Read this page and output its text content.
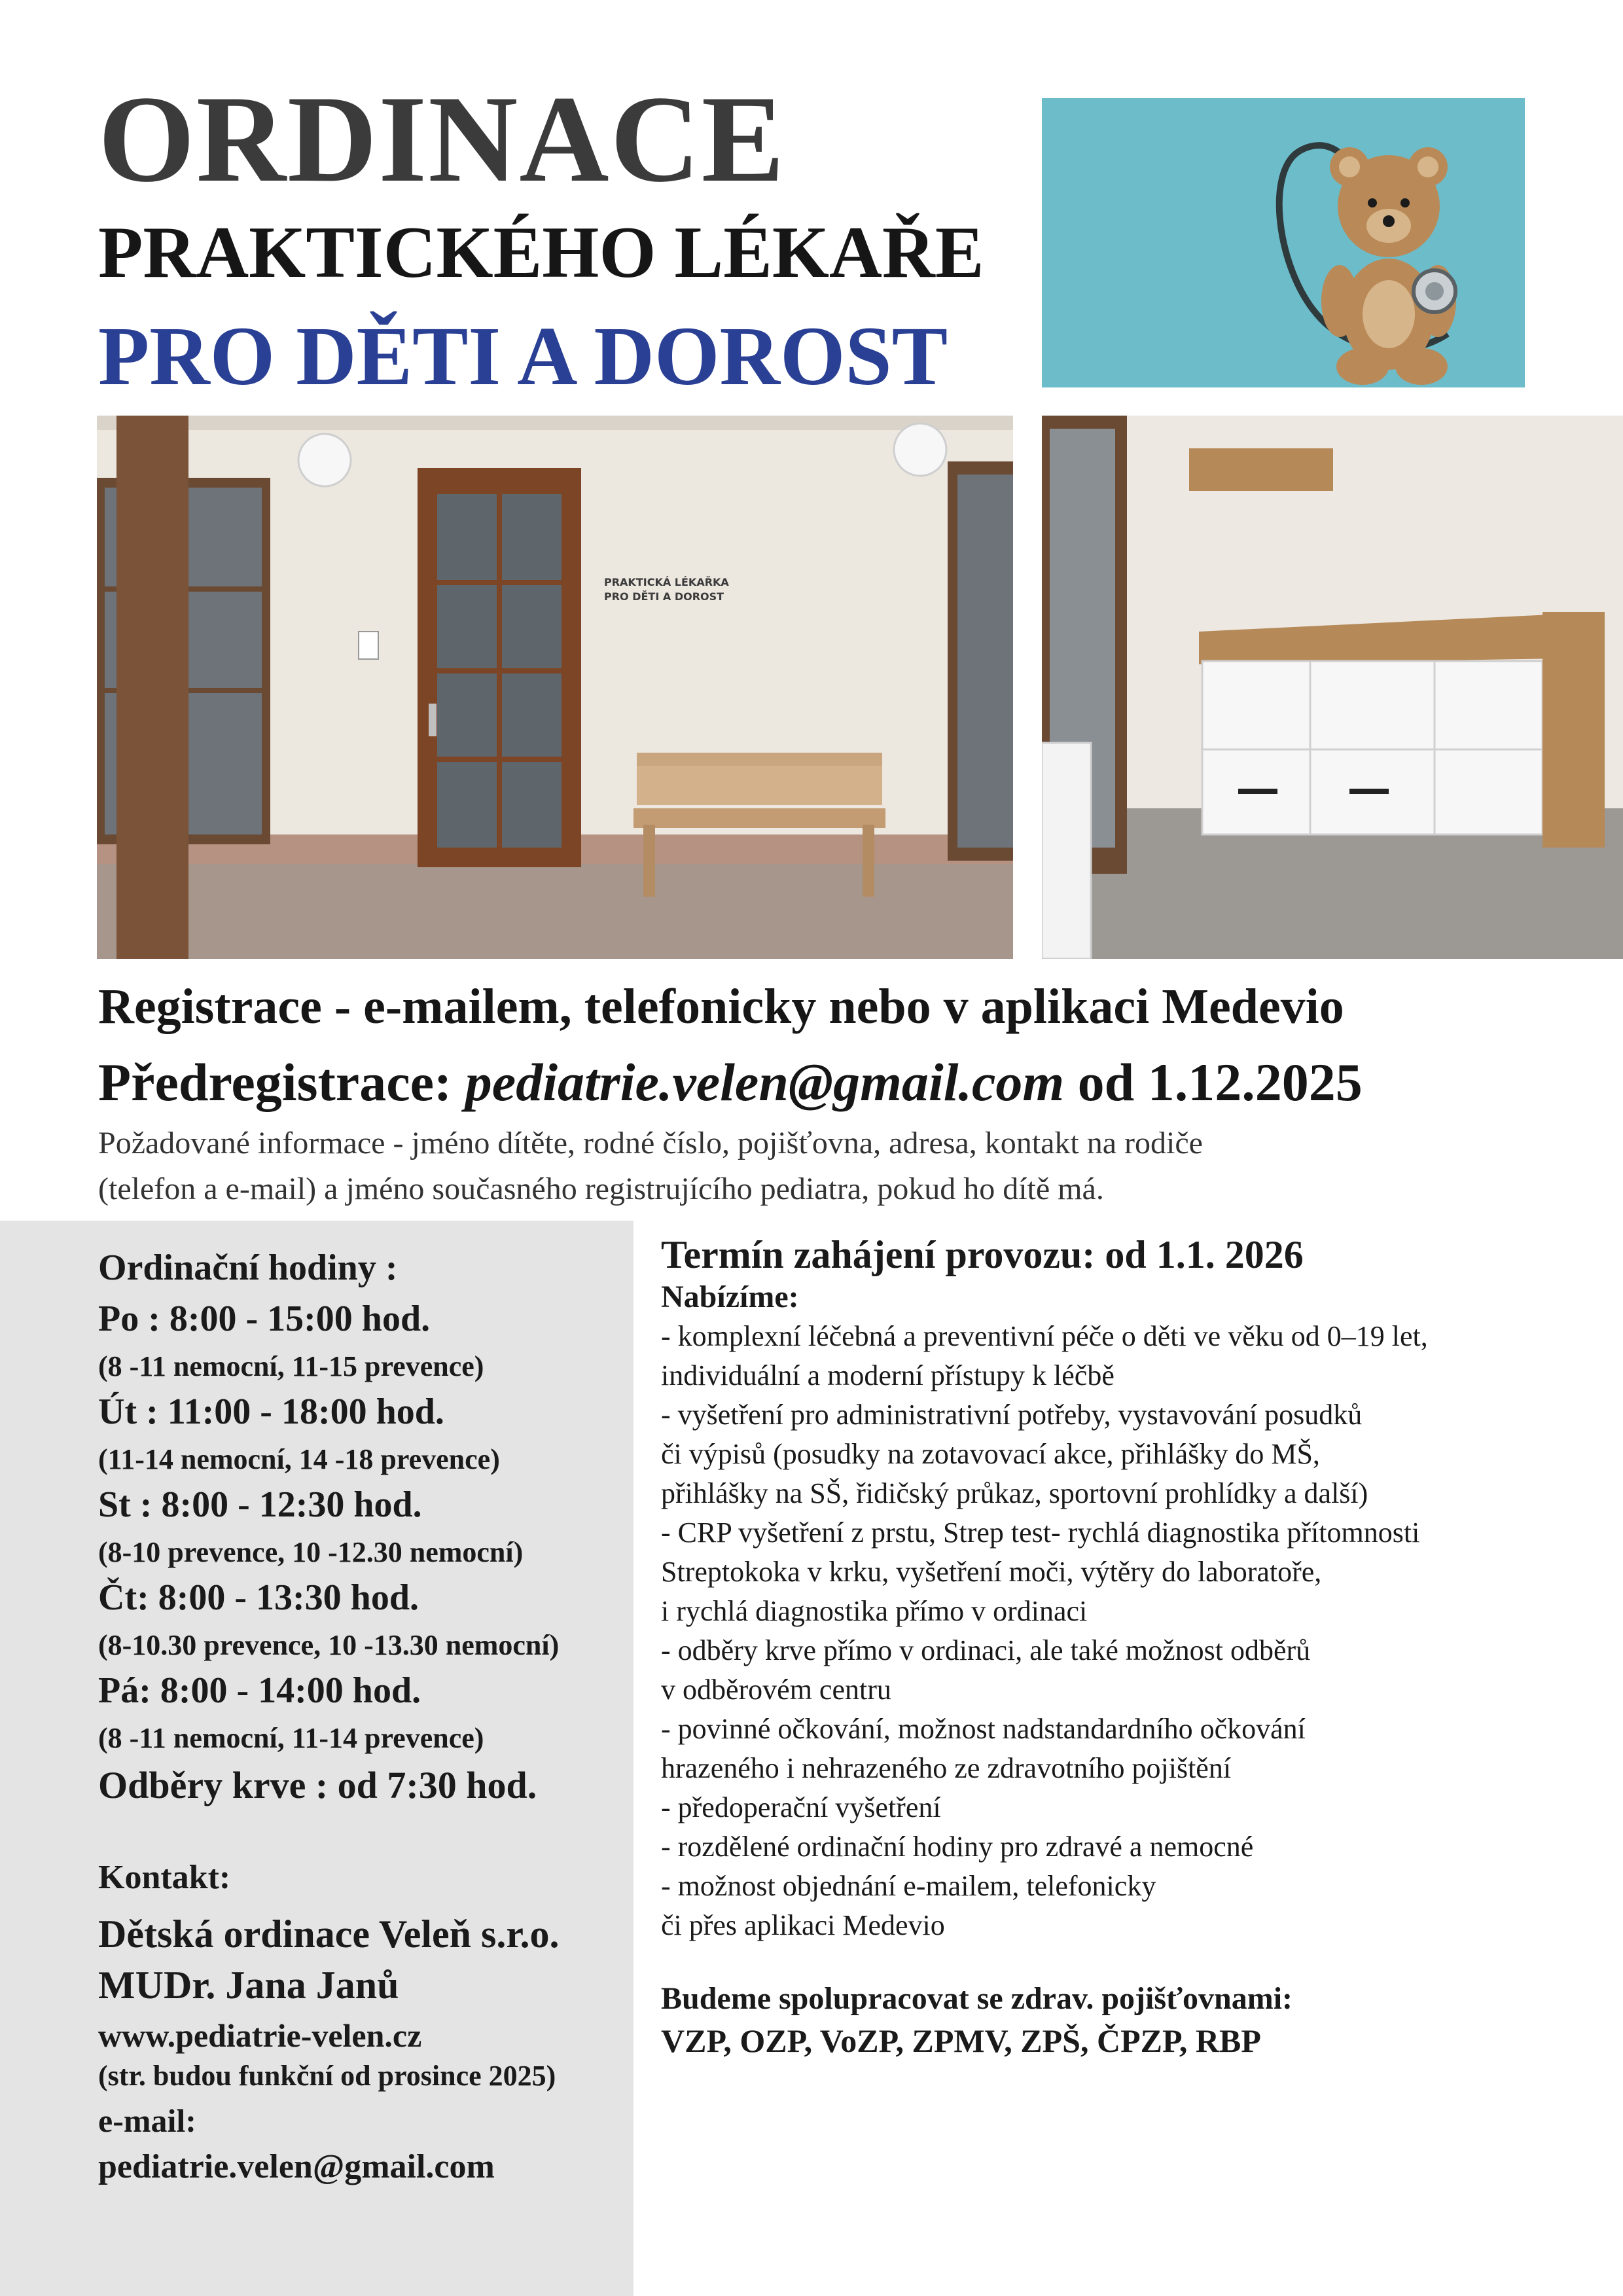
ORDINACE
PRAKTICKÉHO LÉKAŘE
PRO DĚTI A DOROST
PRAKTICKÁ LÉKAŘKA
PRO DĚTI A DOROST
Registrace - e-mailem, telefonicky nebo v aplikaci Medevio
Předregistrace: pediatrie.velen@gmail.com od 1.12.2025
Požadované informace - jméno dítěte, rodné číslo, pojišťovna, adresa, kontakt na rodiče
(telefon a e-mail) a jméno současného registrujícího pediatra, pokud ho dítě má.
Ordinační hodiny :
Po : 8:00 - 15:00 hod.
(8 -11 nemocní, 11-15 prevence)
Út : 11:00 - 18:00 hod.
(11-14 nemocní, 14 -18 prevence)
St : 8:00 - 12:30 hod.
(8-10 prevence, 10 -12.30 nemocní)
Čt: 8:00 - 13:30 hod.
(8-10.30 prevence, 10 -13.30 nemocní)
Pá: 8:00 - 14:00 hod.
(8 -11 nemocní, 11-14 prevence)
Odběry krve : od 7:30 hod.
Kontakt:
Dětská ordinace Veleň s.r.o.
MUDr. Jana Janů
www.pediatrie-velen.cz
(str. budou funkční od prosince 2025)
e-mail:
pediatrie.velen@gmail.com
Termín zahájení provozu: od 1.1. 2026
Nabízíme:
- komplexní léčebná a preventivní péče o děti ve věku od 0–19 let,
individuální a moderní přístupy k léčbě
- vyšetření pro administrativní potřeby, vystavování posudků
či výpisů (posudky na zotavovací akce, přihlášky do MŠ,
přihlášky na SŠ, řidičský průkaz, sportovní prohlídky a další)
- CRP vyšetření z prstu, Strep test- rychlá diagnostika přítomnosti
Streptokoka v krku, vyšetření moči, výtěry do laboratoře,
i rychlá diagnostika přímo v ordinaci
- odběry krve přímo v ordinaci, ale také možnost odběrů
v odběrovém centru
- povinné očkování, možnost nadstandardního očkování
hrazeného i nehrazeného ze zdravotního pojištění
- předoperační vyšetření
- rozdělené ordinační hodiny pro zdravé a nemocné
- možnost objednání e-mailem, telefonicky
či přes aplikaci Medevio
Budeme spolupracovat se zdrav. pojišťovnami:
VZP, OZP, VoZP, ZPMV, ZPŠ, ČPZP, RBP
